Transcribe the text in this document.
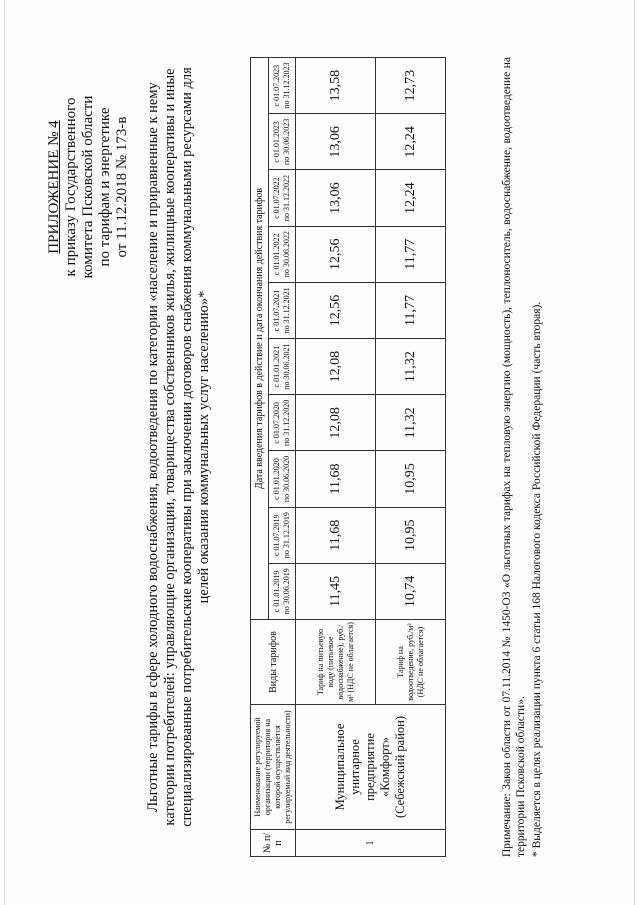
ПРИЛОЖЕНИЕ № 4 к приказу Государственного комитета Псковской области по тарифам и энергетике от 11.12.2018 № 173-в Льготные тарифы в сфере холодного водоснабжения, водоотведения по категории «население и приравненные к нему категории потребителей: управляющие организации, товарищества собственников жилья, жилищные кооперативы и иные специализированные потребительские кооперативы при заключении договоров снабжения коммунальными ресурсами для целей оказания коммунальных услуг населению»*
№ п/п	Наименование регулируемой организации (территория на которой осуществляется регулируемый вид деятельности)	Виды тарифов	Дата введения тарифов в действие и дата окончания действия тарифов									
			с 01.01.2019 по 30.06.2019	с 01.07.2019 по 31.12.2019	с 01.01.2020 по 30.06.2020	с 01.07.2020 по 31.12.2020	с 01.01.2021 по 30.06.2021	с 01.07.2021 по 31.12.2021	с 01.01.2022 по 30.06.2022	с 01.07.2022 по 31.12.2022	с 01.01.2023 по 30.06.2023	с 01.07.2023 по 31.12.2023
1	Муниципальное унитарное предприятие «Комфорт» (Себежский район)	Тариф на питьевую воду (питьевое водоснабжение), руб./м³ (НДС не облагается)	11,45	11,68	11,68	12,08	12,08	12,56	12,56	13,06	13,06	13,58
		Тариф на водоотведение, руб./м³ (НДС не облагается)	10,74	10,95	10,95	11,32	11,32	11,77	11,77	12,24	12,24	12,73	Примечание: Закон области от 07.11.2014 № 1450-ОЗ «О льготных тарифах на тепловую энергию (мощность), теплоноситель, водоснабжение, водоотведение на территории Псковской области». * Выделяется в целях реализации пункта 6 статьи 168 Налогового кодекса Российской Федерации (часть вторая).
